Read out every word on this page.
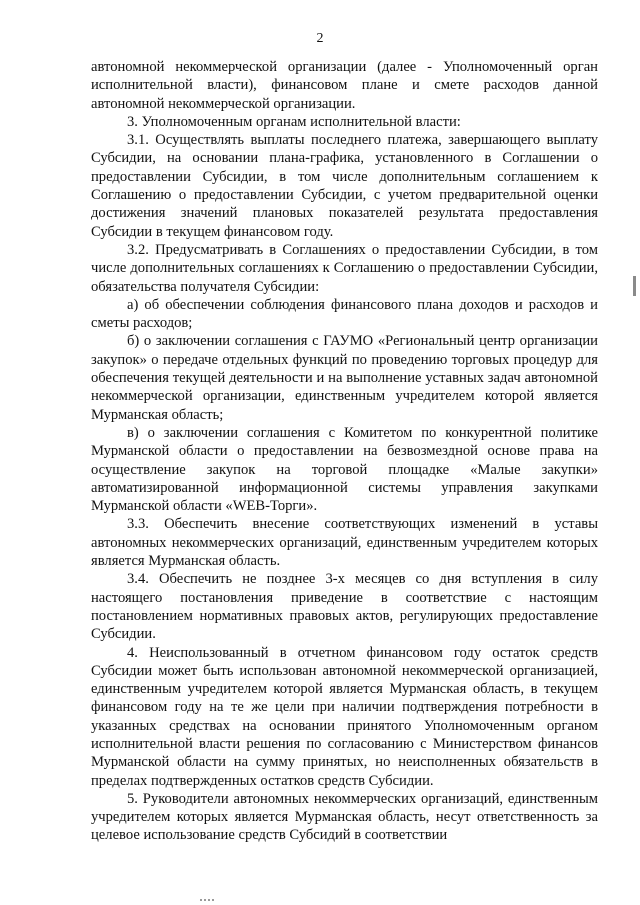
2

автономной некоммерческой организации (далее - Уполномоченный орган исполнительной власти), финансовом плане и смете расходов данной автономной некоммерческой организации.

3. Уполномоченным органам исполнительной власти:

3.1. Осуществлять выплаты последнего платежа, завершающего выплату Субсидии, на основании плана-графика, установленного в Соглашении о предоставлении Субсидии, в том числе дополнительным соглашением к Соглашению о предоставлении Субсидии, с учетом предварительной оценки достижения значений плановых показателей результата предоставления Субсидии в текущем финансовом году.

3.2. Предусматривать в Соглашениях о предоставлении Субсидии, в том числе дополнительных соглашениях к Соглашению о предоставлении Субсидии, обязательства получателя Субсидии:

а) об обеспечении соблюдения финансового плана доходов и расходов и сметы расходов;

б) о заключении соглашения с ГАУМО «Региональный центр организации закупок» о передаче отдельных функций по проведению торговых процедур для обеспечения текущей деятельности и на выполнение уставных задач автономной некоммерческой организации, единственным учредителем которой является Мурманская область;

в) о заключении соглашения с Комитетом по конкурентной политике Мурманской области о предоставлении на безвозмездной основе права на осуществление закупок на торговой площадке «Малые закупки» автоматизированной информационной системы управления закупками Мурманской области «WEB-Торги».

3.3. Обеспечить внесение соответствующих изменений в уставы автономных некоммерческих организаций, единственным учредителем которых является Мурманская область.

3.4. Обеспечить не позднее 3-х месяцев со дня вступления в силу настоящего постановления приведение в соответствие с настоящим постановлением нормативных правовых актов, регулирующих предоставление Субсидии.

4. Неиспользованный в отчетном финансовом году остаток средств Субсидии может быть использован автономной некоммерческой организацией, единственным учредителем которой является Мурманская область, в текущем финансовом году на те же цели при наличии подтверждения потребности в указанных средствах на основании принятого Уполномоченным органом исполнительной власти решения по согласованию с Министерством финансов Мурманской области на сумму принятых, но неисполненных обязательств в пределах подтвержденных остатков средств Субсидии.

5. Руководители автономных некоммерческих организаций, единственным учредителем которых является Мурманская область, несут ответственность за целевое использование средств Субсидий в соответствии
